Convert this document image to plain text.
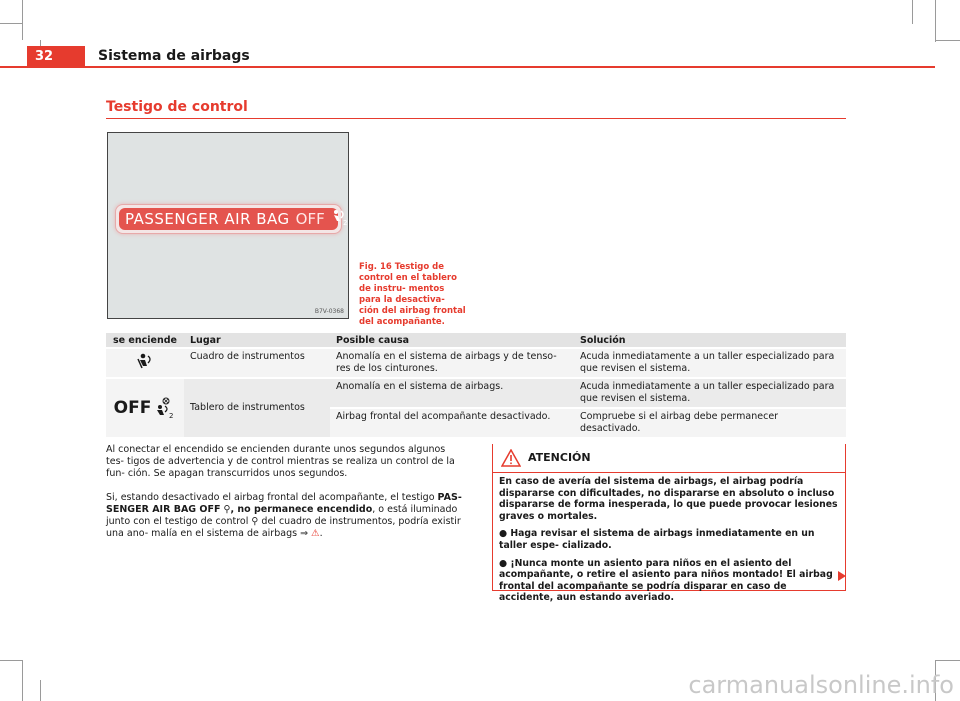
32	Sistema de airbags
Testigo de control
PASSENGER AIR BAG OFF	2
B7V-0368
Fig. 16 Testigo de control en el tablero de instru- mentos para la desactiva- ción del airbag frontal del acompañante.
se enciende	Lugar	Posible causa	Solución
	Cuadro de instrumentos	Anomalía en el sistema de airbags y de tenso- res de los cinturones.	Acuda inmediatamente a un taller especializado para que revisen el sistema.
OFF 2	Tablero de instrumentos	Anomalía en el sistema de airbags.	Acuda inmediatamente a un taller especializado para que revisen el sistema.
		Airbag frontal del acompañante desactivado.	Compruebe si el airbag debe permanecer desactivado.
Al conectar el encendido se encienden durante unos segundos algunos tes- tigos de advertencia y de control mientras se realiza un control de la fun- ción. Se apagan transcurridos unos segundos.
Si, estando desactivado el airbag frontal del acompañante, el testigo PAS- SENGER AIR BAG OFF ⚲, no permanece encendido, o está iluminado junto con el testigo de control ⚲ del cuadro de instrumentos, podría existir una ano- malía en el sistema de airbags ⇒ ⚠.
ATENCIÓN

En caso de avería del sistema de airbags, el airbag podría dispararse con dificultades, no dispararse en absoluto o incluso dispararse de forma inesperada, lo que puede provocar lesiones graves o mortales.

● Haga revisar el sistema de airbags inmediatamente en un taller espe- cializado.

● ¡Nunca monte un asiento para niños en el asiento del acompañante, o retire el asiento para niños montado! El airbag frontal del acompañante se podría disparar en caso de accidente, aun estando averiado.

carmanualsonline.info
